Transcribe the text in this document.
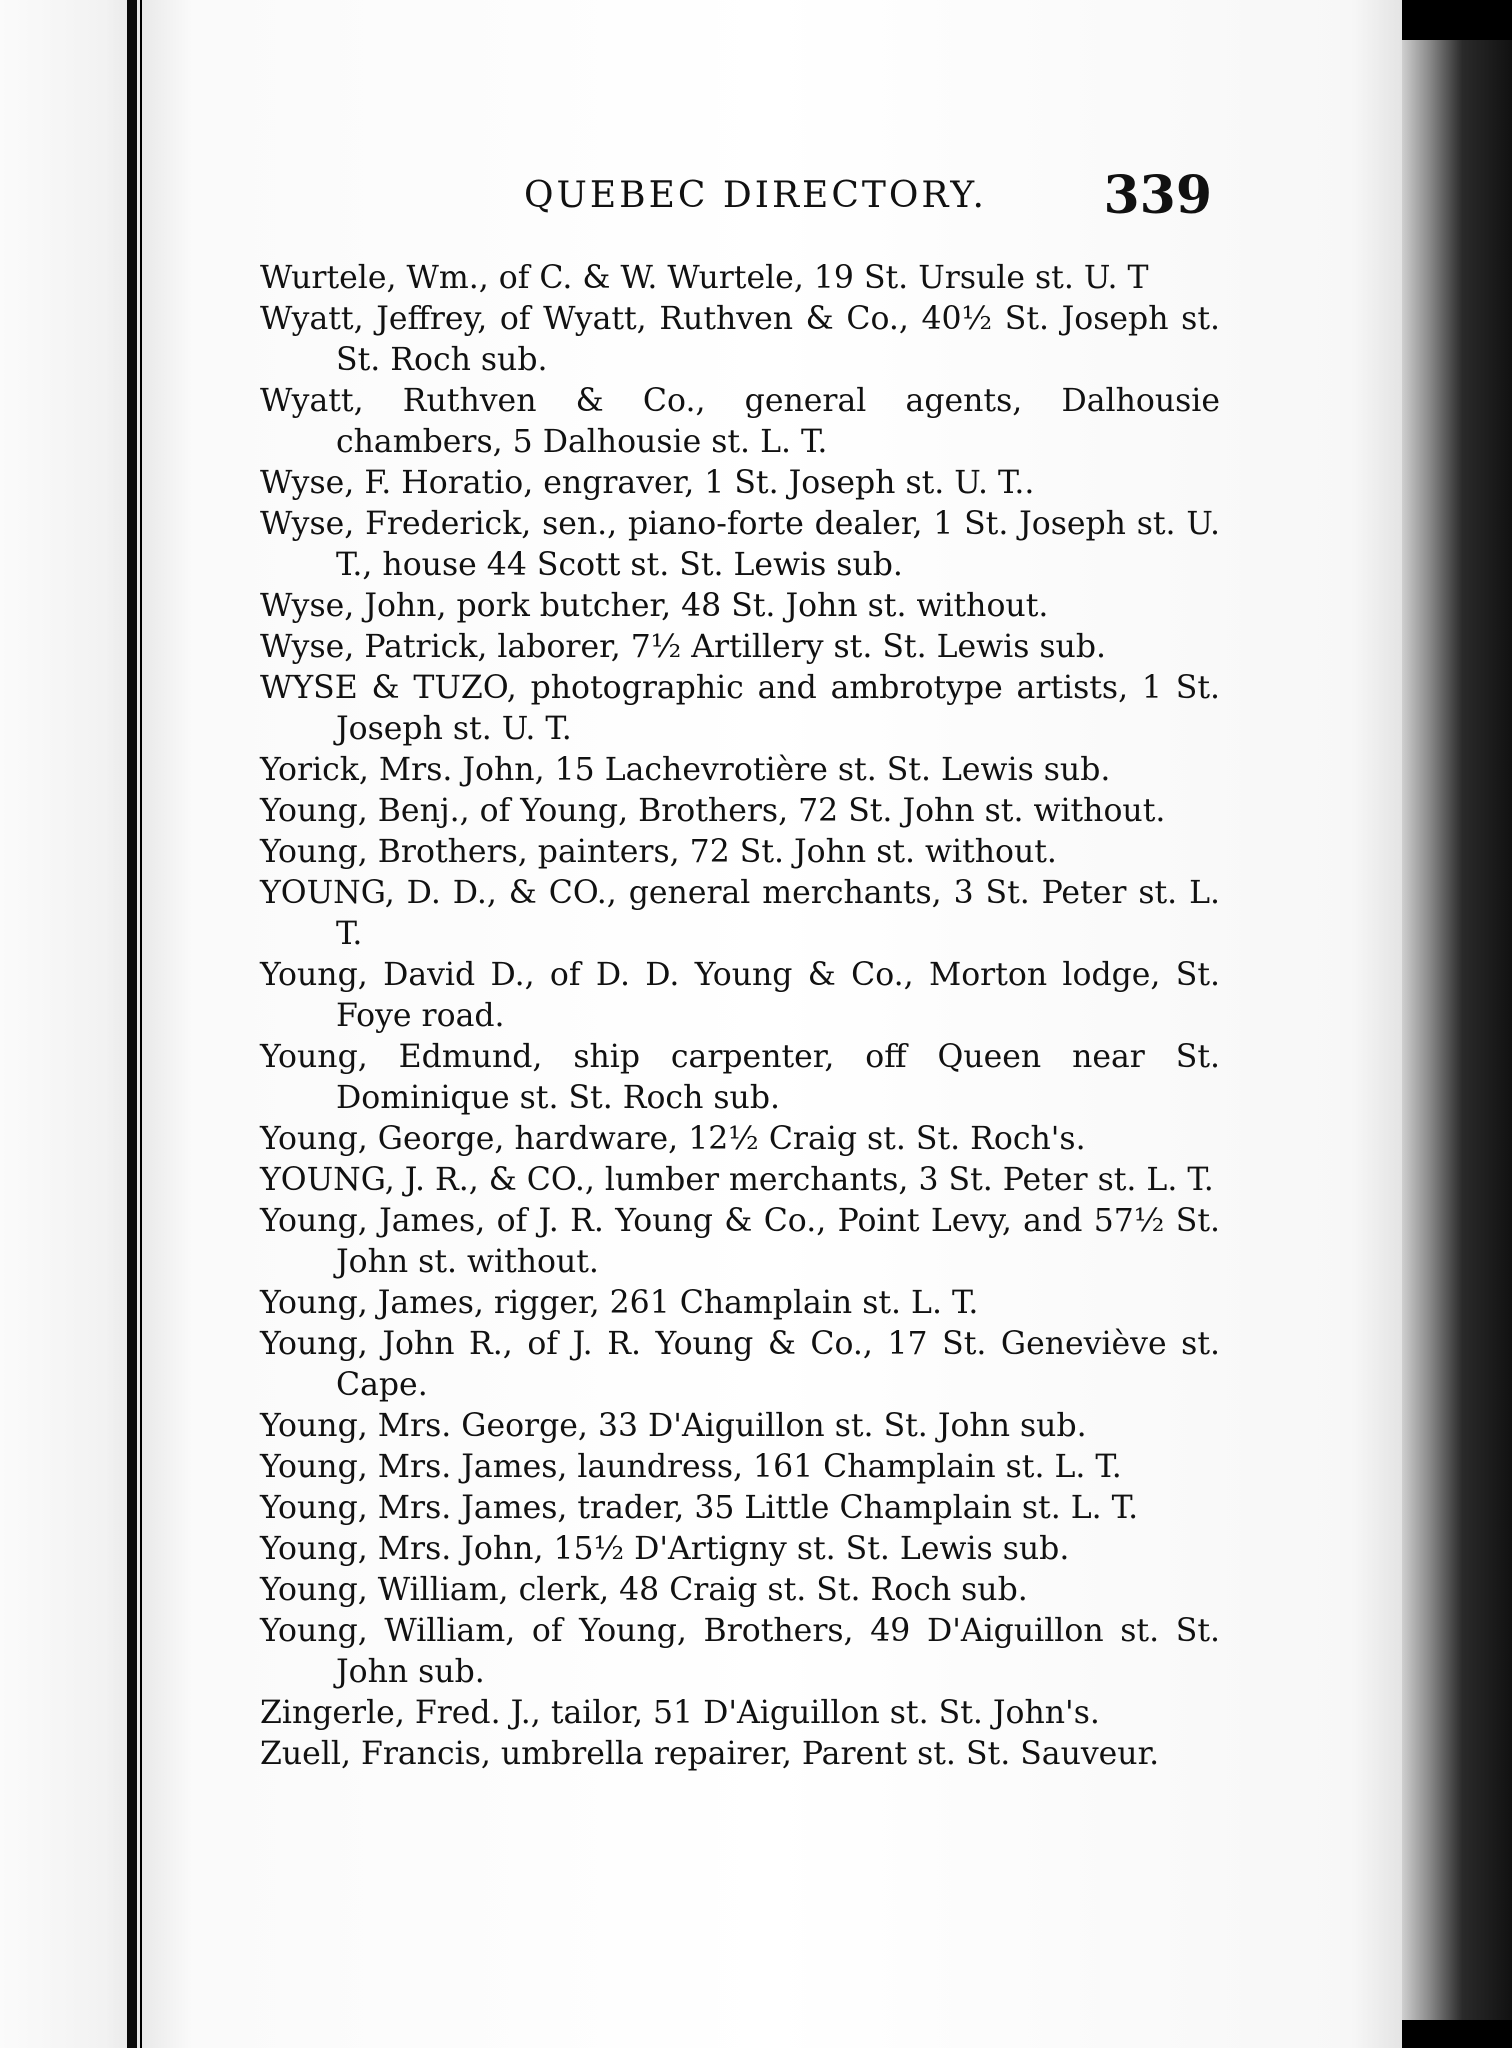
QUEBEC DIRECTORY. 339
Wurtele, Wm., of C. & W. Wurtele, 19 St. Ursule st. U. T
Wyatt, Jeffrey, of Wyatt, Ruthven & Co., 40½ St. Joseph st. St. Roch sub.
Wyatt, Ruthven & Co., general agents, Dalhousie chambers, 5 Dalhousie st. L. T.
Wyse, F. Horatio, engraver, 1 St. Joseph st. U. T..
Wyse, Frederick, sen., piano-forte dealer, 1 St. Joseph st. U. T., house 44 Scott st. St. Lewis sub.
Wyse, John, pork butcher, 48 St. John st. without.
Wyse, Patrick, laborer, 7½ Artillery st. St. Lewis sub.
WYSE & TUZO, photographic and ambrotype artists, 1 St. Joseph st. U. T.
Yorick, Mrs. John, 15 Lachevrotière st. St. Lewis sub.
Young, Benj., of Young, Brothers, 72 St. John st. without.
Young, Brothers, painters, 72 St. John st. without.
YOUNG, D. D., & CO., general merchants, 3 St. Peter st. L. T.
Young, David D., of D. D. Young & Co., Morton lodge, St. Foye road.
Young, Edmund, ship carpenter, off Queen near St. Dominique st. St. Roch sub.
Young, George, hardware, 12½ Craig st. St. Roch's.
YOUNG, J. R., & CO., lumber merchants, 3 St. Peter st. L. T.
Young, James, of J. R. Young & Co., Point Levy, and 57½ St. John st. without.
Young, James, rigger, 261 Champlain st. L. T.
Young, John R., of J. R. Young & Co., 17 St. Geneviève st. Cape.
Young, Mrs. George, 33 D'Aiguillon st. St. John sub.
Young, Mrs. James, laundress, 161 Champlain st. L. T.
Young, Mrs. James, trader, 35 Little Champlain st. L. T.
Young, Mrs. John, 15½ D'Artigny st. St. Lewis sub.
Young, William, clerk, 48 Craig st. St. Roch sub.
Young, William, of Young, Brothers, 49 D'Aiguillon st. St. John sub.
Zingerle, Fred. J., tailor, 51 D'Aiguillon st. St. John's.
Zuell, Francis, umbrella repairer, Parent st. St. Sauveur.
